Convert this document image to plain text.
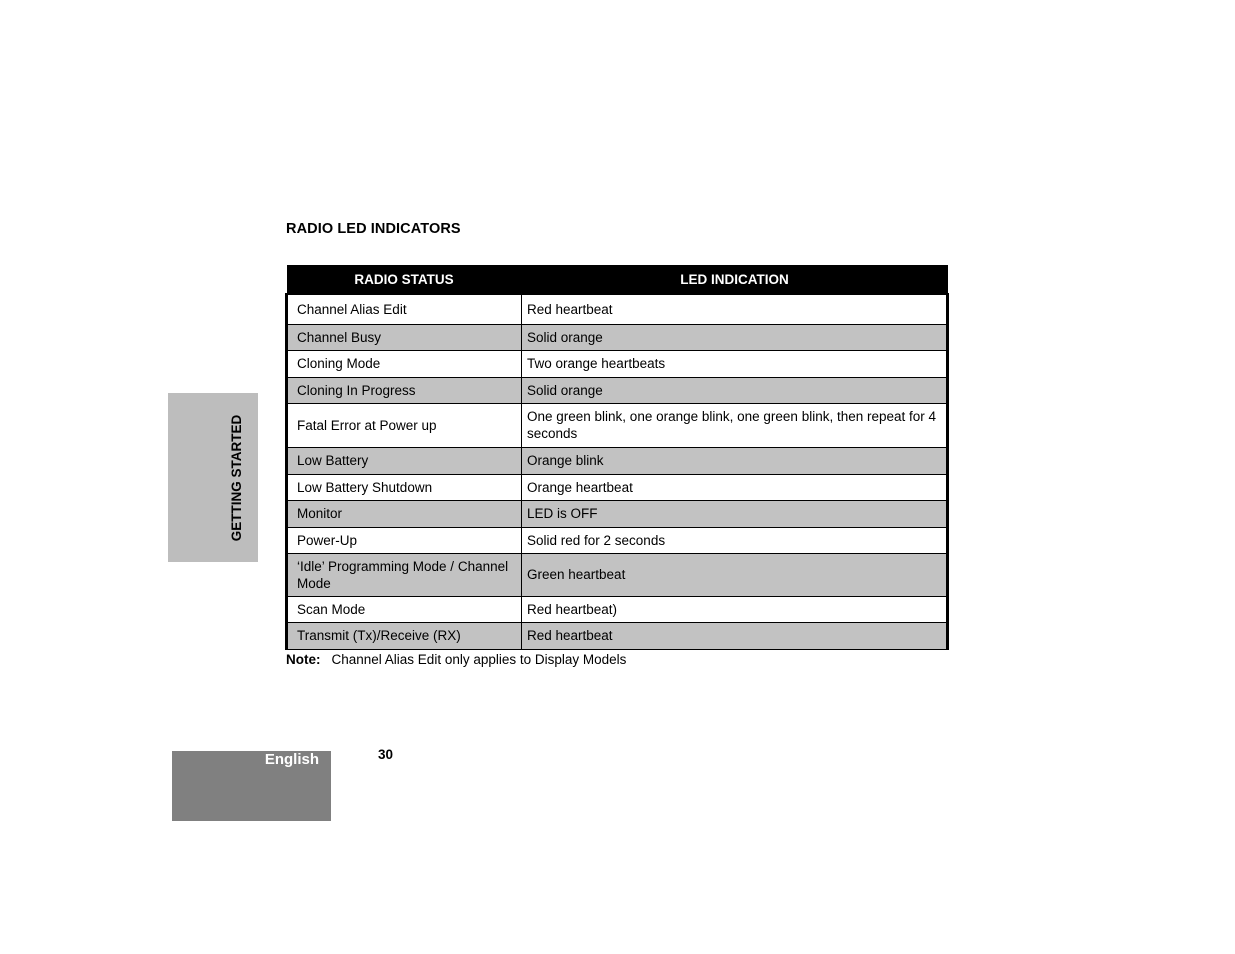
RADIO LED INDICATORS
GETTING STARTED
RADIO STATUS	LED INDICATION
Channel Alias Edit	Red heartbeat
Channel Busy	Solid orange
Cloning Mode	Two orange heartbeats
Cloning In Progress	Solid orange
Fatal Error at Power up	One green blink, one orange blink, one green blink, then repeat for 4 seconds
Low Battery	Orange blink
Low Battery Shutdown	Orange heartbeat
Monitor	LED is OFF
Power-Up	Solid red for 2 seconds
‘Idle’ Programming Mode / Channel Mode	Green heartbeat
Scan Mode	Red heartbeat)
Transmit (Tx)/Receive (RX)	Red heartbeat
Note: Channel Alias Edit only applies to Display Models
English	30
